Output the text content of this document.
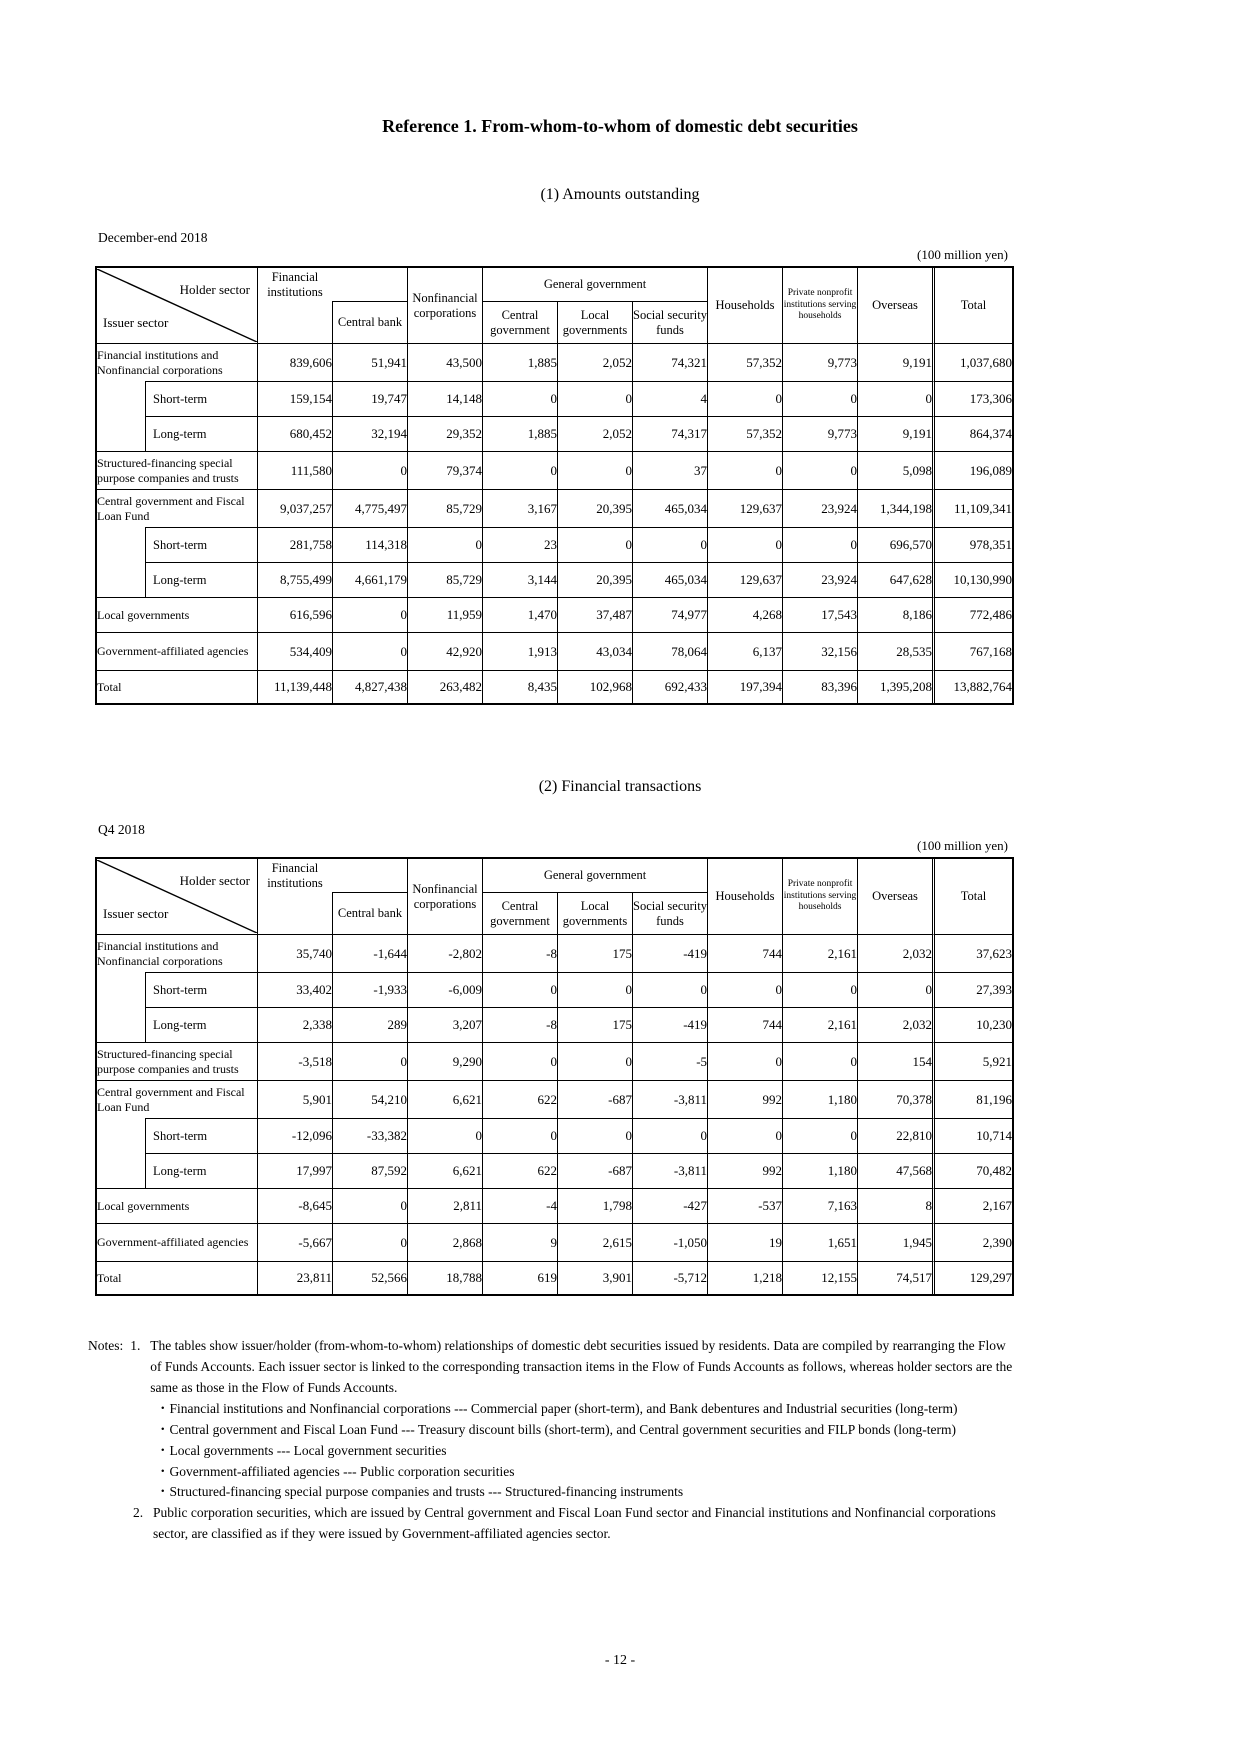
Reference 1. From-whom-to-whom of domestic debt securities
(1) Amounts outstanding
December-end 2018
(100 million yen)
Holder sector
Issuer sector		Financial institutions		Nonfinancial corporations	General government			Households	Private nonprofit institutions serving households	Overseas	Total
			Central bank		Central government	Local governments	Social security funds				
Financial institutions and Nonfinancial corporations		839,606	51,941	43,500	1,885	2,052	74,321	57,352	9,773	9,191	1,037,680
	Short-term	159,154	19,747	14,148	0	0	4	0	0	0	173,306
	Long-term	680,452	32,194	29,352	1,885	2,052	74,317	57,352	9,773	9,191	864,374
Structured-financing special purpose companies and trusts		111,580	0	79,374	0	0	37	0	0	5,098	196,089
Central government and Fiscal Loan Fund		9,037,257	4,775,497	85,729	3,167	20,395	465,034	129,637	23,924	1,344,198	11,109,341
	Short-term	281,758	114,318	0	23	0	0	0	0	696,570	978,351
	Long-term	8,755,499	4,661,179	85,729	3,144	20,395	465,034	129,637	23,924	647,628	10,130,990
Local governments		616,596	0	11,959	1,470	37,487	74,977	4,268	17,543	8,186	772,486
Government-affiliated agencies		534,409	0	42,920	1,913	43,034	78,064	6,137	32,156	28,535	767,168
Total		11,139,448	4,827,438	263,482	8,435	102,968	692,433	197,394	83,396	1,395,208	13,882,764
(2) Financial transactions
Q4 2018
(100 million yen)
Holder sector
Issuer sector		Financial institutions		Nonfinancial corporations	General government			Households	Private nonprofit institutions serving households	Overseas	Total
			Central bank		Central government	Local governments	Social security funds				
Financial institutions and Nonfinancial corporations		35,740	-1,644	-2,802	-8	175	-419	744	2,161	2,032	37,623
	Short-term	33,402	-1,933	-6,009	0	0	0	0	0	0	27,393
	Long-term	2,338	289	3,207	-8	175	-419	744	2,161	2,032	10,230
Structured-financing special purpose companies and trusts		-3,518	0	9,290	0	0	-5	0	0	154	5,921
Central government and Fiscal Loan Fund		5,901	54,210	6,621	622	-687	-3,811	992	1,180	70,378	81,196
	Short-term	-12,096	-33,382	0	0	0	0	0	0	22,810	10,714
	Long-term	17,997	87,592	6,621	622	-687	-3,811	992	1,180	47,568	70,482
Local governments		-8,645	0	2,811	-4	1,798	-427	-537	7,163	8	2,167
Government-affiliated agencies		-5,667	0	2,868	9	2,615	-1,050	19	1,651	1,945	2,390
Total		23,811	52,566	18,788	619	3,901	-5,712	1,218	12,155	74,517	129,297
Notes: 1. The tables show issuer/holder (from-whom-to-whom) relationships of domestic debt securities issued by residents. Data are compiled by rearranging the Flow of Funds Accounts. Each issuer sector is linked to the corresponding transaction items in the Flow of Funds Accounts as follows, whereas holder sectors are the same as those in the Flow of Funds Accounts.
・Financial institutions and Nonfinancial corporations --- Commercial paper (short-term), and Bank debentures and Industrial securities (long-term)
・Central government and Fiscal Loan Fund --- Treasury discount bills (short-term), and Central government securities and FILP bonds (long-term)
・Local governments --- Local government securities
・Government-affiliated agencies --- Public corporation securities
・Structured-financing special purpose companies and trusts --- Structured-financing instruments
2. Public corporation securities, which are issued by Central government and Fiscal Loan Fund sector and Financial institutions and Nonfinancial corporations sector, are classified as if they were issued by Government-affiliated agencies sector.
- 12 -
